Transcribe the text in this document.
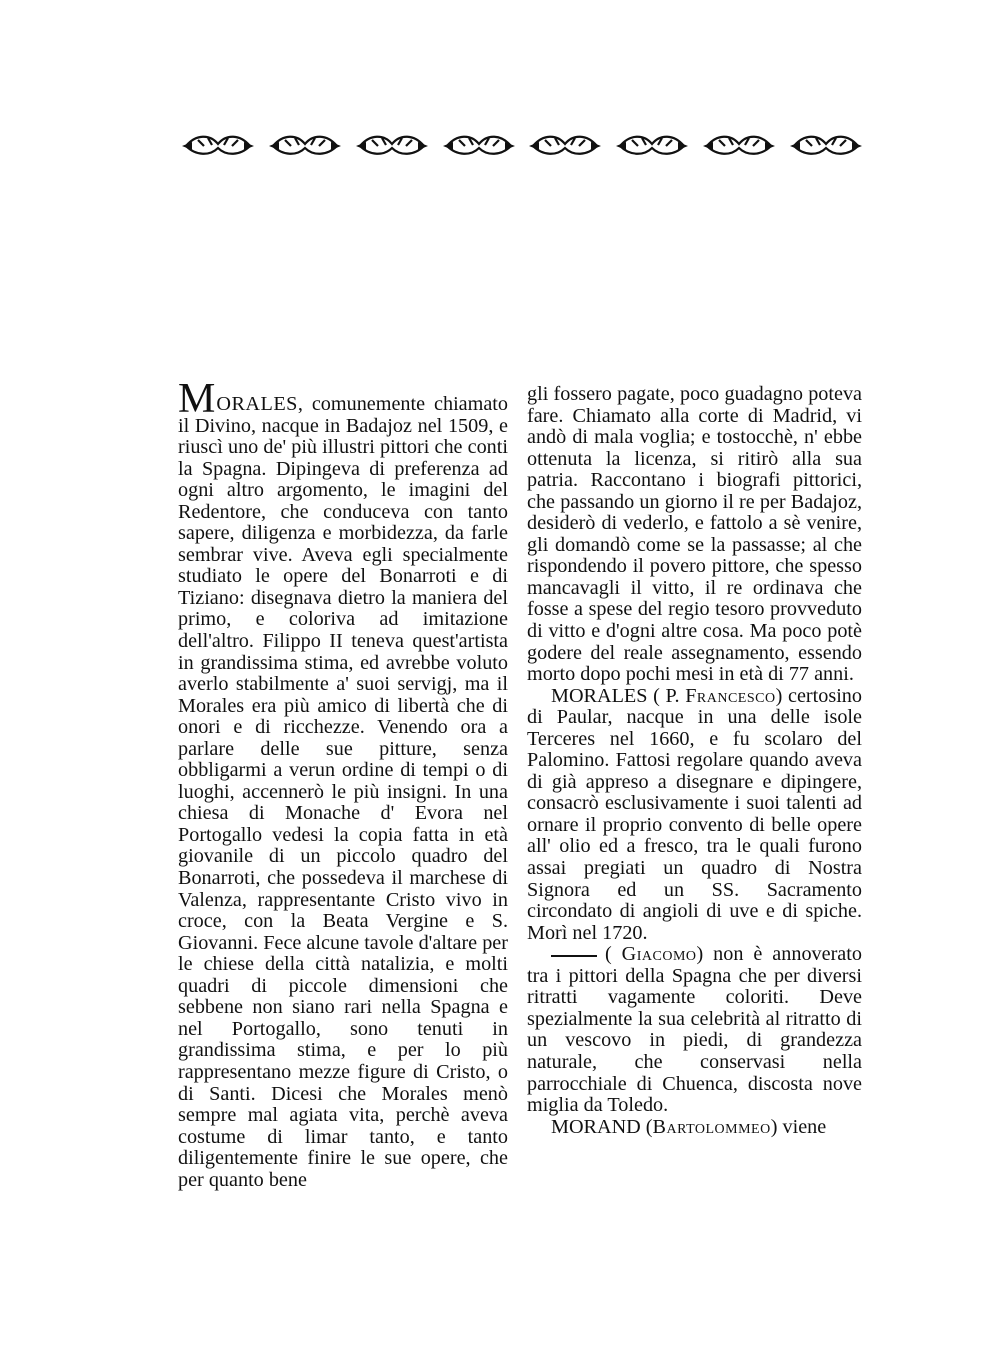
MORALES, comunemente chiamato il Divino, nacque in Badajoz nel 1509, e riuscì uno de' più illustri pittori che conti la Spagna. Dipingeva di preferenza ad ogni altro argomento, le imagini del Redentore, che conduceva con tanto sapere, diligenza e morbidezza, da farle sembrar vive. Aveva egli specialmente studiato le opere del Bonarroti e di Tiziano: disegnava dietro la maniera del primo, e coloriva ad imitazione dell'altro. Filippo II teneva quest'artista in grandissima stima, ed avrebbe voluto averlo stabilmente a' suoi servigj, ma il Morales era più amico di libertà che di onori e di ricchezze. Venendo ora a parlare delle sue pitture, senza obbligarmi a verun ordine di tempi o di luoghi, accennerò le più insigni. In una chiesa di Monache d' Evora nel Portogallo vedesi la copia fatta in età giovanile di un piccolo quadro del Bonarroti, che possedeva il marchese di Valenza, rappresentante Cristo vivo in croce, con la Beata Vergine e S. Giovanni. Fece alcune tavole d'altare per le chiese della città natalizia, e molti quadri di piccole dimensioni che sebbene non siano rari nella Spagna e nel Portogallo, sono tenuti in grandissima stima, e per lo più rappresentano mezze figure di Cristo, o di Santi. Dicesi che Morales menò sempre mal agiata vita, perchè aveva costume di limar tanto, e tanto diligentemente finire le sue opere, che per quanto bene

gli fossero pagate, poco guadagno poteva fare. Chiamato alla corte di Madrid, vi andò di mala voglia; e tostocchè, n' ebbe ottenuta la licenza, si ritirò alla sua patria. Raccontano i biografi pittorici, che passando un giorno il re per Badajoz, desiderò di vederlo, e fattolo a sè venire, gli domandò come se la passasse; al che rispondendo il povero pittore, che spesso mancavagli il vitto, il re ordinava che fosse a spese del regio tesoro provveduto di vitto e d'ogni altre cosa. Ma poco potè godere del reale assegnamento, essendo morto dopo pochi mesi in età di 77 anni.

MORALES ( P. Francesco) certosino di Paular, nacque in una delle isole Terceres nel 1660, e fu scolaro del Palomino. Fattosi regolare quando aveva di già appreso a disegnare e dipingere, consacrò esclusivamente i suoi talenti ad ornare il proprio convento di belle opere all' olio ed a fresco, tra le quali furono assai pregiati un quadro di Nostra Signora ed un SS. Sacramento circondato di angioli di uve e di spiche. Morì nel 1720.

( Giacomo) non è annoverato tra i pittori della Spagna che per diversi ritratti vagamente coloriti. Deve spezialmente la sua celebrità al ritratto di un vescovo in piedi, di grandezza naturale, che conservasi nella parrocchiale di Chuenca, discosta nove miglia da Toledo.

MORAND (Bartolommeo) viene
